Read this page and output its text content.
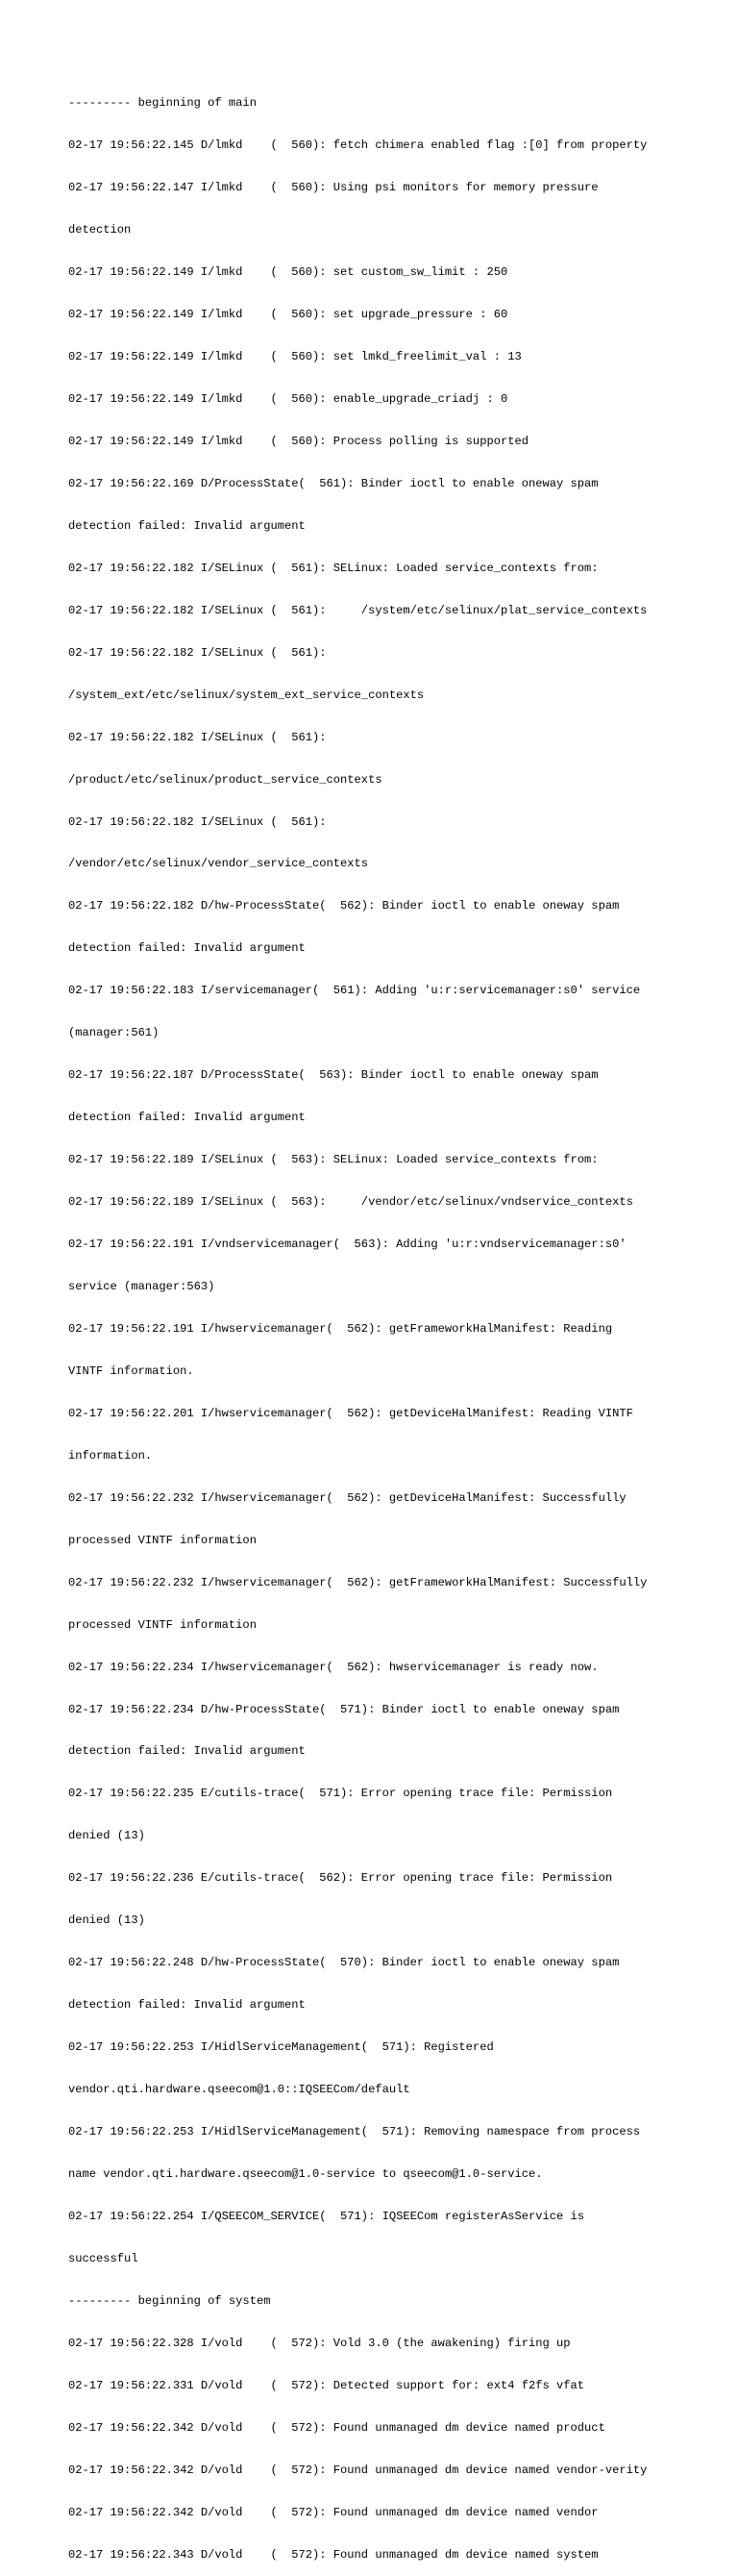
--------- beginning of main

02-17 19:56:22.145 D/lmkd    (  560): fetch chimera enabled flag :[0] from property

02-17 19:56:22.147 I/lmkd    (  560): Using psi monitors for memory pressure

detection

02-17 19:56:22.149 I/lmkd    (  560): set custom_sw_limit : 250

02-17 19:56:22.149 I/lmkd    (  560): set upgrade_pressure : 60

02-17 19:56:22.149 I/lmkd    (  560): set lmkd_freelimit_val : 13

02-17 19:56:22.149 I/lmkd    (  560): enable_upgrade_criadj : 0

02-17 19:56:22.149 I/lmkd    (  560): Process polling is supported

02-17 19:56:22.169 D/ProcessState(  561): Binder ioctl to enable oneway spam

detection failed: Invalid argument

02-17 19:56:22.182 I/SELinux (  561): SELinux: Loaded service_contexts from:

02-17 19:56:22.182 I/SELinux (  561):     /system/etc/selinux/plat_service_contexts

02-17 19:56:22.182 I/SELinux (  561):

/system_ext/etc/selinux/system_ext_service_contexts

02-17 19:56:22.182 I/SELinux (  561):

/product/etc/selinux/product_service_contexts

02-17 19:56:22.182 I/SELinux (  561):

/vendor/etc/selinux/vendor_service_contexts

02-17 19:56:22.182 D/hw-ProcessState(  562): Binder ioctl to enable oneway spam

detection failed: Invalid argument

02-17 19:56:22.183 I/servicemanager(  561): Adding 'u:r:servicemanager:s0' service

(manager:561)

02-17 19:56:22.187 D/ProcessState(  563): Binder ioctl to enable oneway spam

detection failed: Invalid argument

02-17 19:56:22.189 I/SELinux (  563): SELinux: Loaded service_contexts from:

02-17 19:56:22.189 I/SELinux (  563):     /vendor/etc/selinux/vndservice_contexts

02-17 19:56:22.191 I/vndservicemanager(  563): Adding 'u:r:vndservicemanager:s0'

service (manager:563)

02-17 19:56:22.191 I/hwservicemanager(  562): getFrameworkHalManifest: Reading

VINTF information.

02-17 19:56:22.201 I/hwservicemanager(  562): getDeviceHalManifest: Reading VINTF

information.

02-17 19:56:22.232 I/hwservicemanager(  562): getDeviceHalManifest: Successfully

processed VINTF information

02-17 19:56:22.232 I/hwservicemanager(  562): getFrameworkHalManifest: Successfully

processed VINTF information

02-17 19:56:22.234 I/hwservicemanager(  562): hwservicemanager is ready now.

02-17 19:56:22.234 D/hw-ProcessState(  571): Binder ioctl to enable oneway spam

detection failed: Invalid argument

02-17 19:56:22.235 E/cutils-trace(  571): Error opening trace file: Permission

denied (13)

02-17 19:56:22.236 E/cutils-trace(  562): Error opening trace file: Permission

denied (13)

02-17 19:56:22.248 D/hw-ProcessState(  570): Binder ioctl to enable oneway spam

detection failed: Invalid argument

02-17 19:56:22.253 I/HidlServiceManagement(  571): Registered

vendor.qti.hardware.qseecom@1.0::IQSEECom/default

02-17 19:56:22.253 I/HidlServiceManagement(  571): Removing namespace from process

name vendor.qti.hardware.qseecom@1.0-service to qseecom@1.0-service.

02-17 19:56:22.254 I/QSEECOM_SERVICE(  571): IQSEECom registerAsService is

successful

--------- beginning of system

02-17 19:56:22.328 I/vold    (  572): Vold 3.0 (the awakening) firing up

02-17 19:56:22.331 D/vold    (  572): Detected support for: ext4 f2fs vfat

02-17 19:56:22.342 D/vold    (  572): Found unmanaged dm device named product

02-17 19:56:22.342 D/vold    (  572): Found unmanaged dm device named vendor-verity

02-17 19:56:22.342 D/vold    (  572): Found unmanaged dm device named vendor

02-17 19:56:22.343 D/vold    (  572): Found unmanaged dm device named system
